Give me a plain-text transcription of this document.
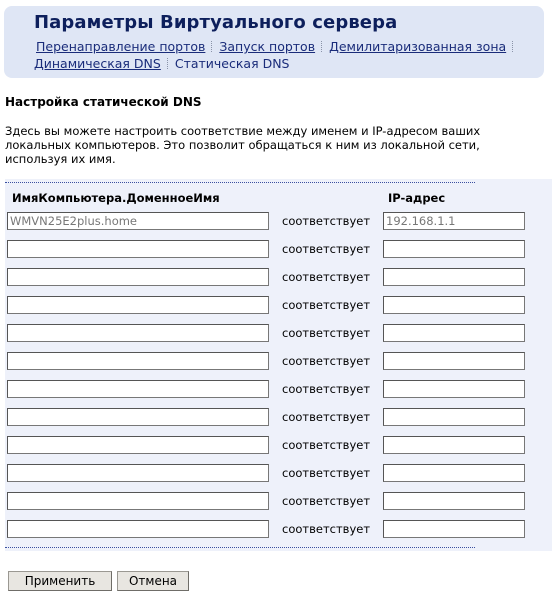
Параметры Виртуального сервера
Перенаправление портов Запуск портов Демилитаризованная зона
Динамическая DNS Статическая DNS
Настройка статической DNS
Здесь вы можете настроить соответствие между именем и IP-адресом ваших локальных компьютеров. Это позволит обращаться к ним из локальной сети, используя их имя.
ИмяКомпьютера.ДоменноеИмя	IP-адрес
WMVN25E2plus.home
соответствует
192.168.1.1
соответствует
соответствует
соответствует
соответствует
соответствует
соответствует
соответствует
соответствует
соответствует
соответствует
соответствует
Применить	Отмена
